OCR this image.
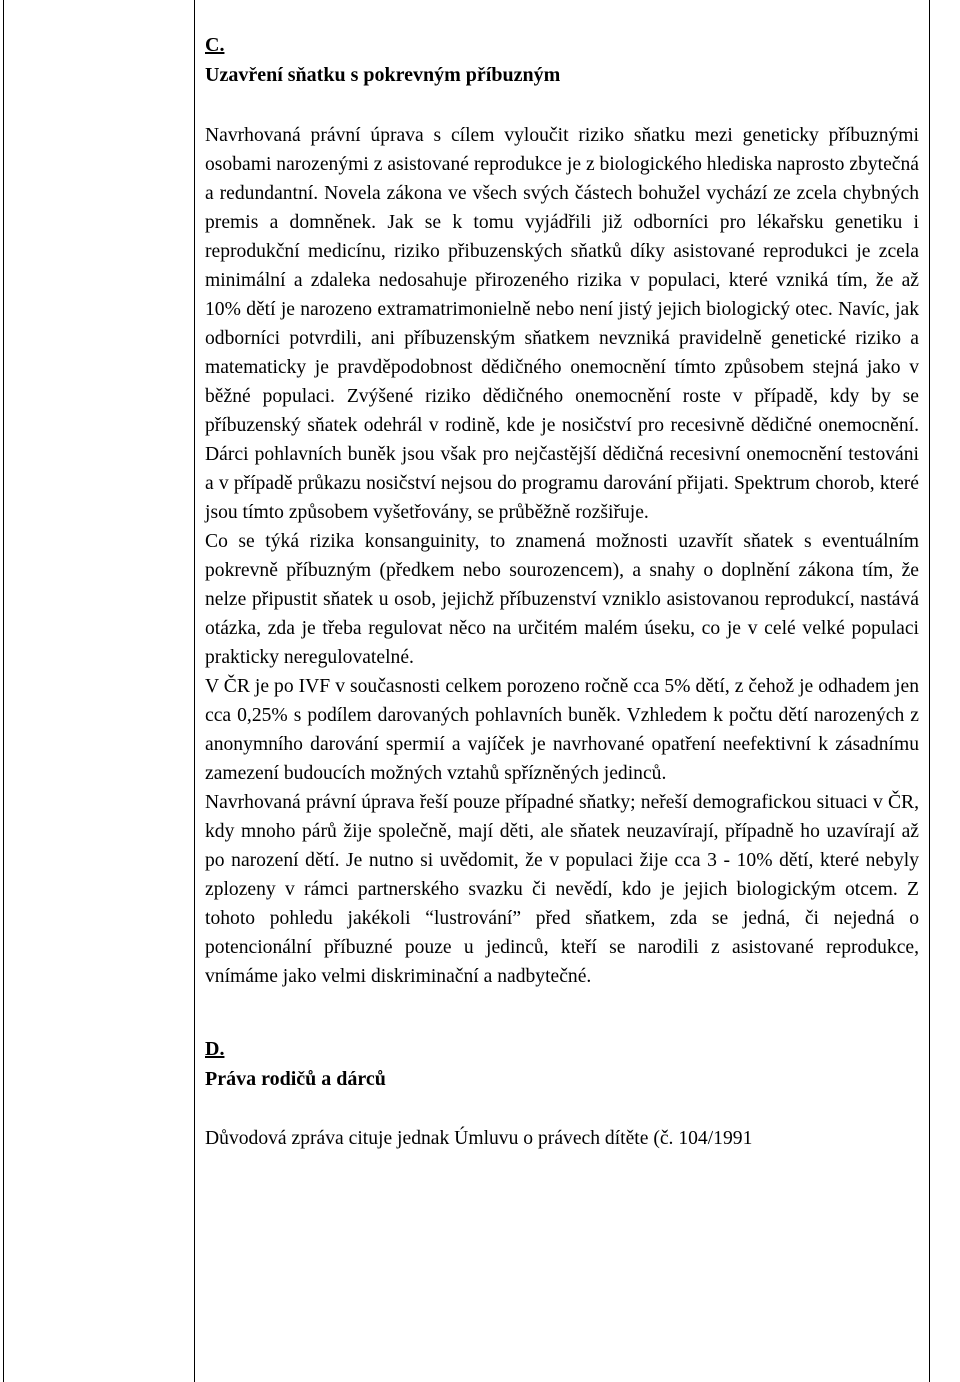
C.
Uzavření sňatku s pokrevným příbuzným

Navrhovaná právní úprava s cílem vyloučit riziko sňatku mezi geneticky příbuznými osobami narozenými z asistované reprodukce je z biologického hlediska naprosto zbytečná a redundantní. Novela zákona ve všech svých částech bohužel vychází ze zcela chybných premis a domněnek. Jak se k tomu vyjádřili již odborníci pro lékařsku genetiku i reprodukční medicínu, riziko přibuzenských sňatků díky asistované reprodukci je zcela minimální a zdaleka nedosahuje přirozeného rizika v populaci, které vzniká tím, že až 10% dětí je narozeno extramatrimonielně nebo není jistý jejich biologický otec. Navíc, jak odborníci potvrdili, ani příbuzenským sňatkem nevzniká pravidelně genetické riziko a matematicky je pravděpodobnost dědičného onemocnění tímto způsobem stejná jako v běžné populaci. Zvýšené riziko dědičného onemocnění roste v případě, kdy by se příbuzenský sňatek odehrál v rodině, kde je nosičství pro recesivně dědičné onemocnění. Dárci pohlavních buněk jsou však pro nejčastější dědičná recesivní onemocnění testováni a v případě průkazu nosičství nejsou do programu darování přijati. Spektrum chorob, které jsou tímto způsobem vyšetřovány, se průběžně rozšiřuje.

Co se týká rizika konsanguinity, to znamená možnosti uzavřít sňatek s eventuálním pokrevně příbuzným (předkem nebo sourozencem), a snahy o doplnění zákona tím, že nelze připustit sňatek u osob, jejichž příbuzenství vzniklo asistovanou reprodukcí, nastává otázka, zda je třeba regulovat něco na určitém malém úseku, co je v celé velké populaci prakticky neregulovatelné.

V ČR je po IVF v současnosti celkem porozeno ročně cca 5% dětí, z čehož je odhadem jen cca 0,25% s podílem darovaných pohlavních buněk. Vzhledem k počtu dětí narozených z anonymního darování spermií a vajíček je navrhované opatření neefektivní k zásadnímu zamezení budoucích možných vztahů spřízněných jedinců.

Navrhovaná právní úprava řeší pouze případné sňatky; neřeší demografickou situaci v ČR, kdy mnoho párů žije společně, mají děti, ale sňatek neuzavírají, případně ho uzavírají až po narození dětí. Je nutno si uvědomit, že v populaci žije cca 3 - 10% dětí, které nebyly zplozeny v rámci partnerského svazku či nevědí, kdo je jejich biologickým otcem. Z tohoto pohledu jakékoli “lustrování” před sňatkem, zda se jedná, či nejedná o potencionální příbuzné pouze u jedinců, kteří se narodili z asistované reprodukce, vnímáme jako velmi diskriminační a nadbytečné.

D.
Práva rodičů a dárců

Důvodová zpráva cituje jednak Úmluvu o právech dítěte (č. 104/1991
